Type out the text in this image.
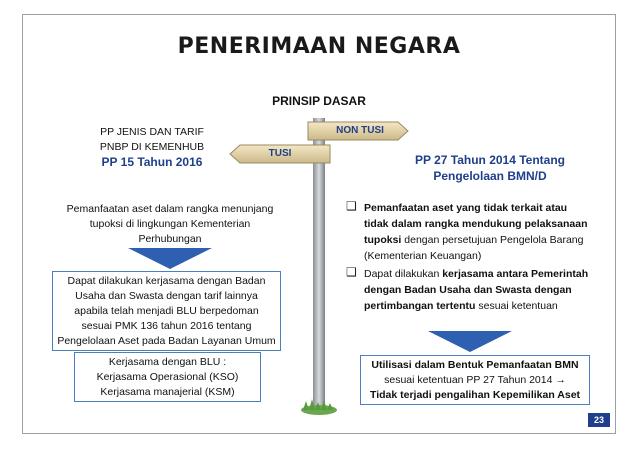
PENERIMAAN NEGARA
PRINSIP DASAR
NON TUSI
TUSI
PP JENIS DAN TARIF
PNBP DI KEMENHUB
PP 15 Tahun 2016
Pemanfaatan aset dalam rangka menunjang
tupoksi di lingkungan Kementerian
Perhubungan
Dapat dilakukan kerjasama dengan Badan
Usaha dan Swasta dengan tarif lainnya
apabila telah menjadi BLU berpedoman
sesuai PMK 136 tahun 2016 tentang
Pengelolaan Aset pada Badan Layanan Umum
Kerjasama dengan BLU :
Kerjasama Operasional (KSO)
Kerjasama manajerial (KSM)
PP 27 Tahun 2014 Tentang
Pengelolaan BMN/D
❑ Pemanfaatan aset yang tidak terkait atau
tidak dalam rangka mendukung pelaksanaan
tupoksi dengan persetujuan Pengelola Barang
(Kementerian Keuangan)
❑ Dapat dilakukan kerjasama antara Pemerintah
dengan Badan Usaha dan Swasta dengan
pertimbangan tertentu sesuai ketentuan
Utilisasi dalam Bentuk Pemanfaatan BMN
sesuai ketentuan PP 27 Tahun 2014 →
Tidak terjadi pengalihan Kepemilikan Aset
23
